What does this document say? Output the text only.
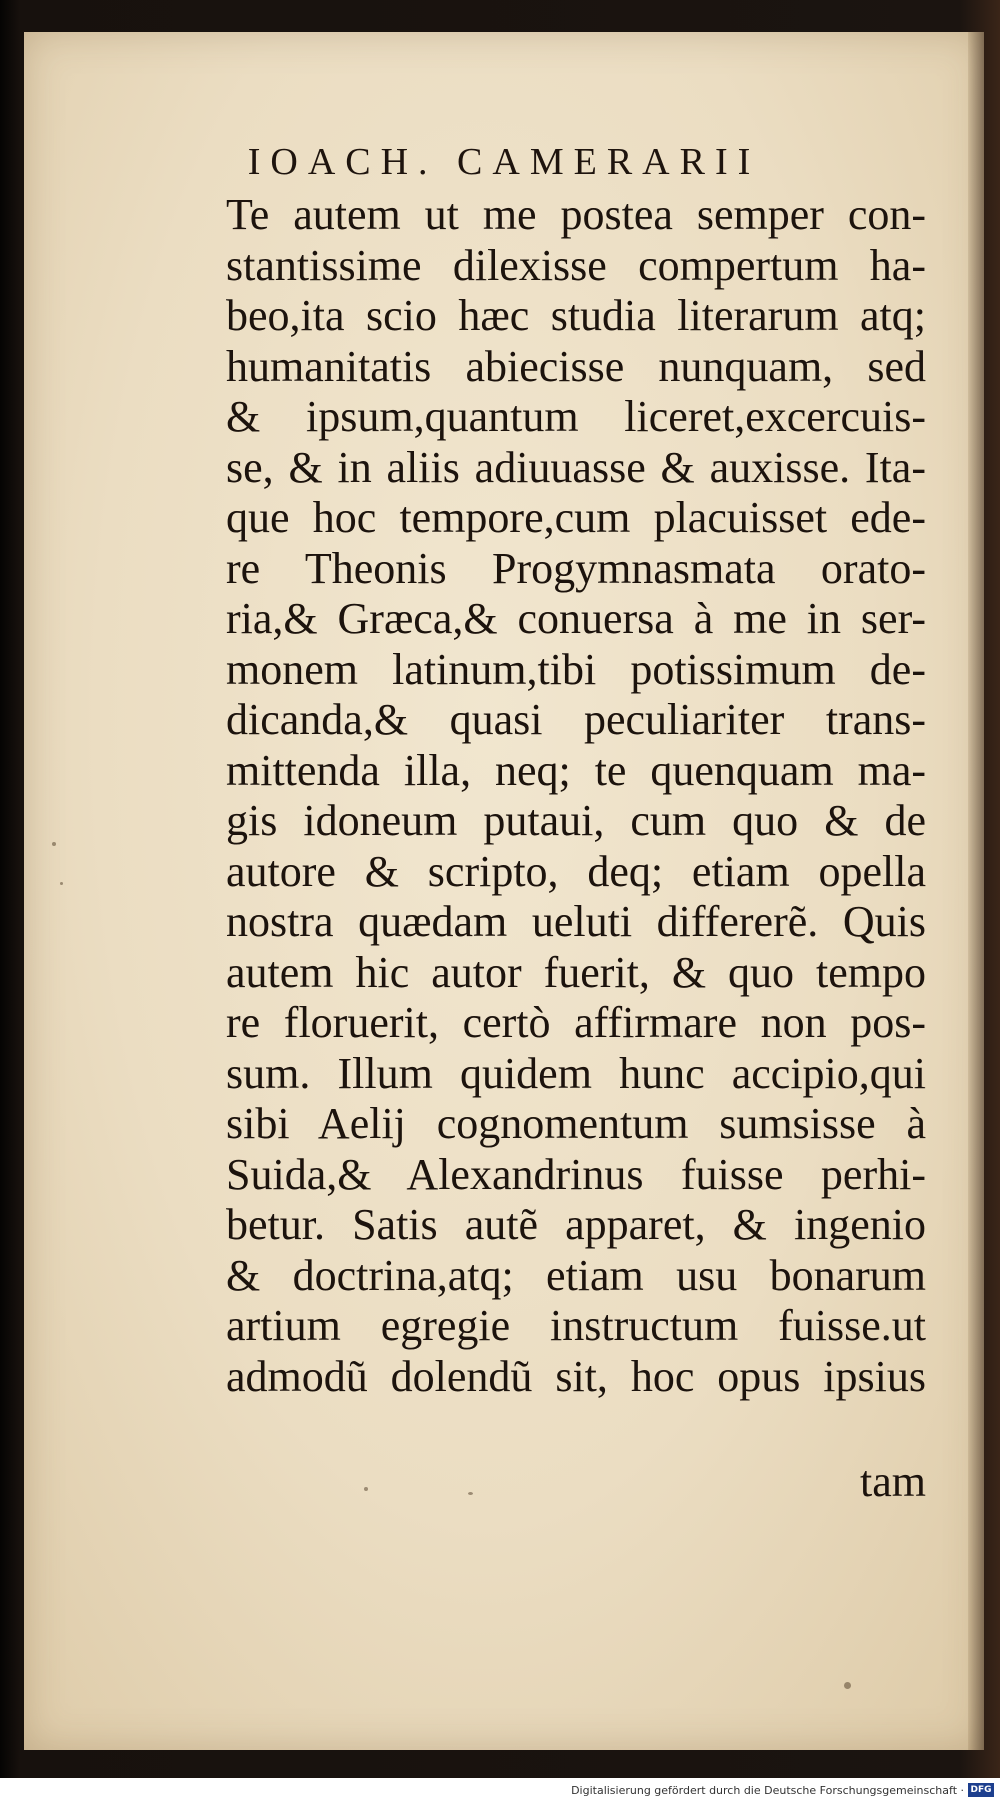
IOACH. CAMERARII
Te autem ut me postea semper con-
stantissime dilexisse compertum ha-
beo,ita scio hæc studia literarum atq;
humanitatis abiecisse nunquam, sed
& ipsum,quantum liceret,excercuis-
se, & in aliis adiuuasse & auxisse. Ita-
que hoc tempore,cum placuisset ede-
re Theonis Progymnasmata orato-
ria,& Græca,& conuersa à me in ser-
monem latinum,tibi potissimum de-
dicanda,& quasi peculiariter trans-
mittenda illa, neq; te quenquam ma-
gis idoneum putaui, cum quo & de
autore & scripto, deq; etiam opella
nostra quædam ueluti differerẽ. Quis
autem hic autor fuerit, & quo tempo
re floruerit, certò affirmare non pos-
sum. Illum quidem hunc accipio,qui
sibi Aelij cognomentum sumsisse à
Suida,& Alexandrinus fuisse perhi-
betur. Satis autẽ apparet, & ingenio
& doctrina,atq; etiam usu bonarum
artium egregie instructum fuisse.ut
admodũ dolendũ sit, hoc opus ipsius
tam
Digitalisierung gefördert durch die Deutsche Forschungsgemeinschaft · DFG
